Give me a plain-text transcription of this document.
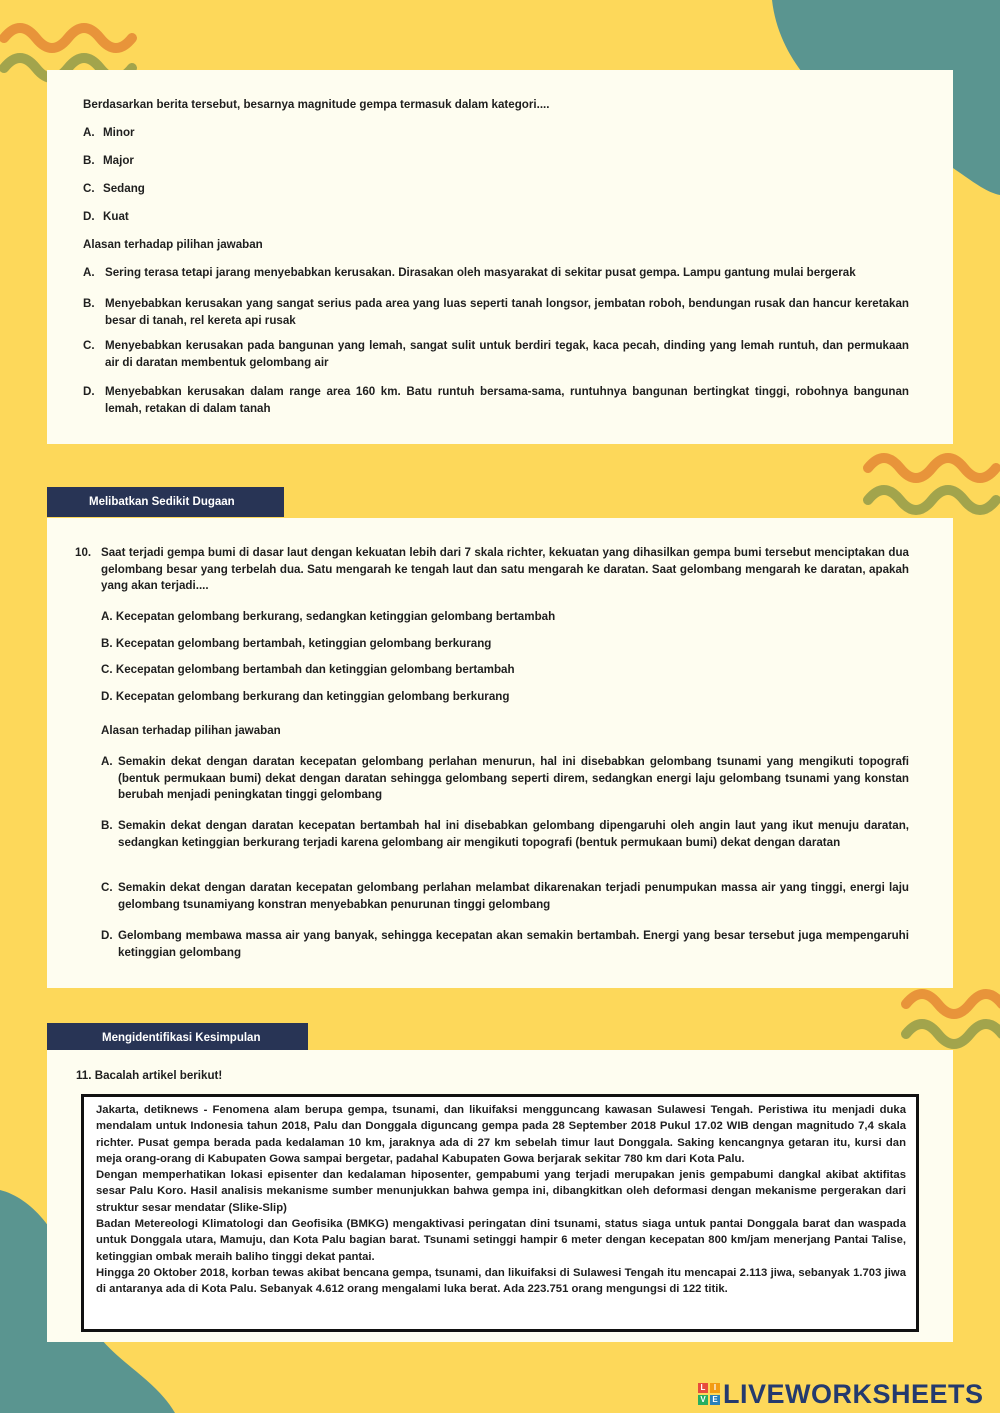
Berdasarkan berita tersebut, besarnya magnitude gempa termasuk dalam kategori....

A. Minor
B. Major
C. Sedang
D. Kuat

Alasan terhadap pilihan jawaban

A. Sering terasa tetapi jarang menyebabkan kerusakan. Dirasakan oleh masyarakat di sekitar pusat gempa. Lampu gantung mulai bergerak
B. Menyebabkan kerusakan yang sangat serius pada area yang luas seperti tanah longsor, jembatan roboh, bendungan rusak dan hancur keretakan besar di tanah, rel kereta api rusak
C. Menyebabkan kerusakan pada bangunan yang lemah, sangat sulit untuk berdiri tegak, kaca pecah, dinding yang lemah runtuh, dan permukaan air di daratan membentuk gelombang air
D. Menyebabkan kerusakan dalam range area 160 km. Batu runtuh bersama-sama, runtuhnya bangunan bertingkat tinggi, robohnya bangunan lemah, retakan di dalam tanah
Melibatkan Sedikit Dugaan
10. Saat terjadi gempa bumi di dasar laut dengan kekuatan lebih dari 7 skala richter, kekuatan yang dihasilkan gempa bumi tersebut menciptakan dua gelombang besar yang terbelah dua. Satu mengarah ke tengah laut dan satu mengarah ke daratan. Saat gelombang mengarah ke daratan, apakah yang akan terjadi....

A. Kecepatan gelombang berkurang, sedangkan ketinggian gelombang bertambah

B. Kecepatan gelombang bertambah, ketinggian gelombang berkurang

C. Kecepatan gelombang bertambah dan ketinggian gelombang bertambah

D. Kecepatan gelombang berkurang dan ketinggian gelombang berkurang

Alasan terhadap pilihan jawaban

A. Semakin dekat dengan daratan kecepatan gelombang perlahan menurun, hal ini disebabkan gelombang tsunami yang mengikuti topografi (bentuk permukaan bumi) dekat dengan daratan sehingga gelombang seperti direm, sedangkan energi laju gelombang tsunami yang konstan berubah menjadi peningkatan tinggi gelombang
B. Semakin dekat dengan daratan kecepatan bertambah hal ini disebabkan gelombang dipengaruhi oleh angin laut yang ikut menuju daratan, sedangkan ketinggian berkurang terjadi karena gelombang air mengikuti topografi (bentuk permukaan bumi) dekat dengan daratan
C. Semakin dekat dengan daratan kecepatan gelombang perlahan melambat dikarenakan terjadi penumpukan massa air yang tinggi, energi laju gelombang tsunamiyang konstran menyebabkan penurunan tinggi gelombang
D. Gelombang membawa massa air yang banyak, sehingga kecepatan akan semakin bertambah. Energi yang besar tersebut juga mempengaruhi ketinggian gelombang
Mengidentifikasi Kesimpulan

11. Bacalah artikel berikut!

Jakarta, detiknews - Fenomena alam berupa gempa, tsunami, dan likuifaksi mengguncang kawasan Sulawesi Tengah. Peristiwa itu menjadi duka mendalam untuk Indonesia tahun 2018, Palu dan Donggala diguncang gempa pada 28 September 2018 Pukul 17.02 WIB dengan magnitudo 7,4 skala richter. Pusat gempa berada pada kedalaman 10 km, jaraknya ada di 27 km sebelah timur laut Donggala. Saking kencangnya getaran itu, kursi dan meja orang-orang di Kabupaten Gowa sampai bergetar, padahal Kabupaten Gowa berjarak sekitar 780 km dari Kota Palu.

Dengan memperhatikan lokasi episenter dan kedalaman hiposenter, gempabumi yang terjadi merupakan jenis gempabumi dangkal akibat aktifitas sesar Palu Koro. Hasil analisis mekanisme sumber menunjukkan bahwa gempa ini, dibangkitkan oleh deformasi dengan mekanisme pergerakan dari struktur sesar mendatar (Slike-Slip)

Badan Metereologi Klimatologi dan Geofisika (BMKG) mengaktivasi peringatan dini tsunami, status siaga untuk pantai Donggala barat dan waspada untuk Donggala utara, Mamuju, dan Kota Palu bagian barat. Tsunami setinggi hampir 6 meter dengan kecepatan 800 km/jam menerjang Pantai Talise, ketinggian ombak meraih baliho tinggi dekat pantai.

Hingga 20 Oktober 2018, korban tewas akibat bencana gempa, tsunami, dan likuifaksi di Sulawesi Tengah itu mencapai 2.113 jiwa, sebanyak 1.703 jiwa di antaranya ada di Kota Palu. Sebanyak 4.612 orang mengalami luka berat. Ada 223.751 orang mengungsi di 122 titik.

L	I
V E LIVEWORKSHEETS
